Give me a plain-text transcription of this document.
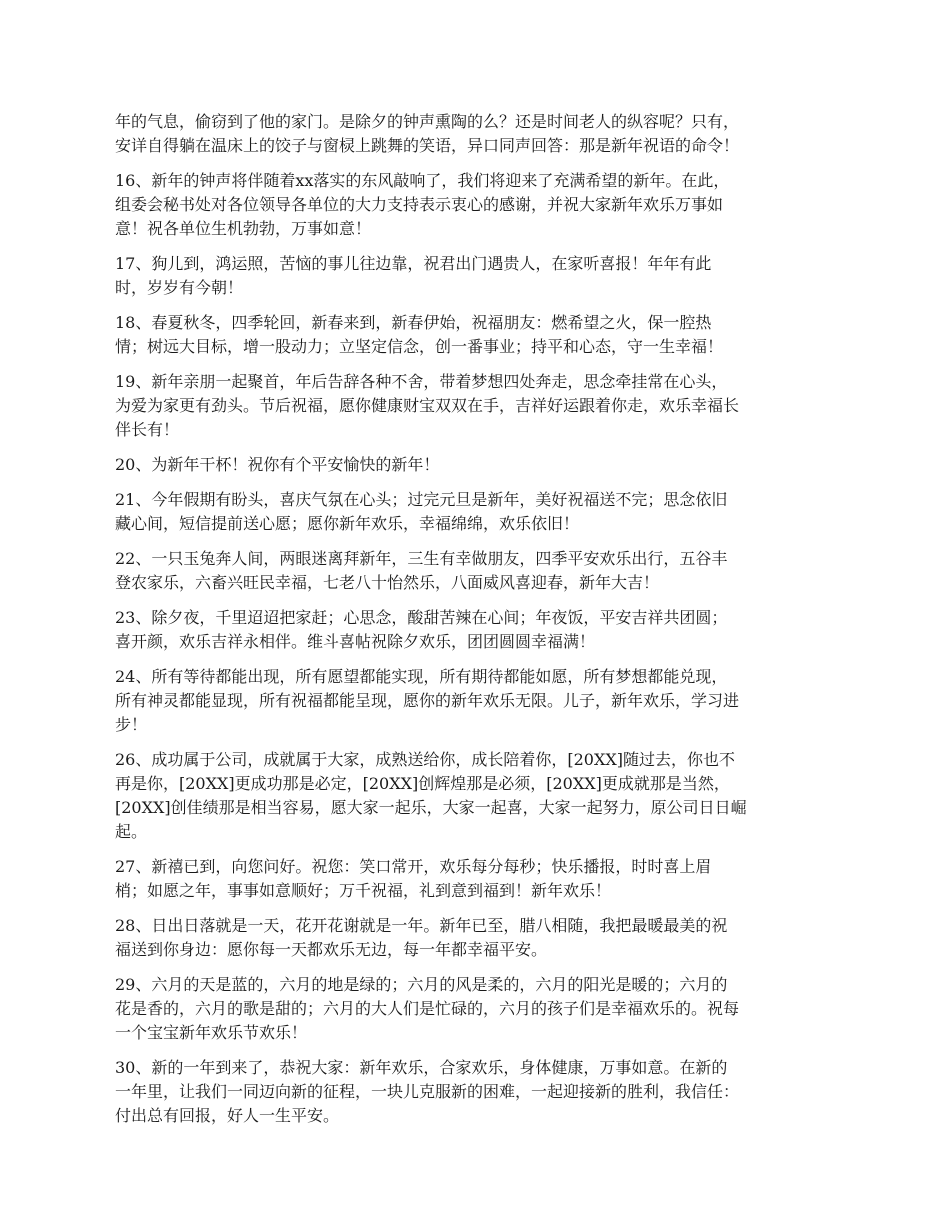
年的气息，偷窃到了他的家门。是除夕的钟声熏陶的么？还是时间老人的纵容呢？只有，
安详自得躺在温床上的饺子与窗棂上跳舞的笑语，异口同声回答：那是新年祝语的命令！

16、新年的钟声将伴随着xx落实的东风敲响了，我们将迎来了充满希望的新年。在此，
组委会秘书处对各位领导各单位的大力支持表示衷心的感谢，并祝大家新年欢乐万事如
意！祝各单位生机勃勃，万事如意！

17、狗儿到，鸿运照，苦恼的事儿往边靠，祝君出门遇贵人，在家听喜报！年年有此
时，岁岁有今朝！

18、春夏秋冬，四季轮回，新春来到，新春伊始，祝福朋友：燃希望之火，保一腔热
情；树远大目标，增一股动力；立坚定信念，创一番事业；持平和心态，守一生幸福！

19、新年亲朋一起聚首，年后告辞各种不舍，带着梦想四处奔走，思念牵挂常在心头，
为爱为家更有劲头。节后祝福，愿你健康财宝双双在手，吉祥好运跟着你走，欢乐幸福长
伴长有！

20、为新年干杯！祝你有个平安愉快的新年！

21、今年假期有盼头，喜庆气氛在心头；过完元旦是新年，美好祝福送不完；思念依旧
藏心间，短信提前送心愿；愿你新年欢乐，幸福绵绵，欢乐依旧！

22、一只玉兔奔人间，两眼迷离拜新年，三生有幸做朋友，四季平安欢乐出行，五谷丰
登农家乐，六畜兴旺民幸福，七老八十怡然乐，八面威风喜迎春，新年大吉！

23、除夕夜，千里迢迢把家赶；心思念，酸甜苦辣在心间；年夜饭，平安吉祥共团圆；
喜开颜，欢乐吉祥永相伴。维斗喜帖祝除夕欢乐，团团圆圆幸福满！

24、所有等待都能出现，所有愿望都能实现，所有期待都能如愿，所有梦想都能兑现，
所有神灵都能显现，所有祝福都能呈现，愿你的新年欢乐无限。儿子，新年欢乐，学习进
步！

26、成功属于公司，成就属于大家，成熟送给你，成长陪着你，[20XX]随过去，你也不
再是你，[20XX]更成功那是必定，[20XX]创辉煌那是必须，[20XX]更成就那是当然，
[20XX]创佳绩那是相当容易，愿大家一起乐，大家一起喜，大家一起努力，原公司日日崛
起。

27、新禧已到，向您问好。祝您：笑口常开，欢乐每分每秒；快乐播报，时时喜上眉
梢；如愿之年，事事如意顺好；万千祝福，礼到意到福到！新年欢乐！

28、日出日落就是一天，花开花谢就是一年。新年已至，腊八相随，我把最暖最美的祝
福送到你身边：愿你每一天都欢乐无边，每一年都幸福平安。

29、六月的天是蓝的，六月的地是绿的；六月的风是柔的，六月的阳光是暖的；六月的
花是香的，六月的歌是甜的；六月的大人们是忙碌的，六月的孩子们是幸福欢乐的。祝每
一个宝宝新年欢乐节欢乐！

30、新的一年到来了，恭祝大家：新年欢乐，合家欢乐，身体健康，万事如意。在新的
一年里，让我们一同迈向新的征程，一块儿克服新的困难，一起迎接新的胜利，我信任：
付出总有回报，好人一生平安。
